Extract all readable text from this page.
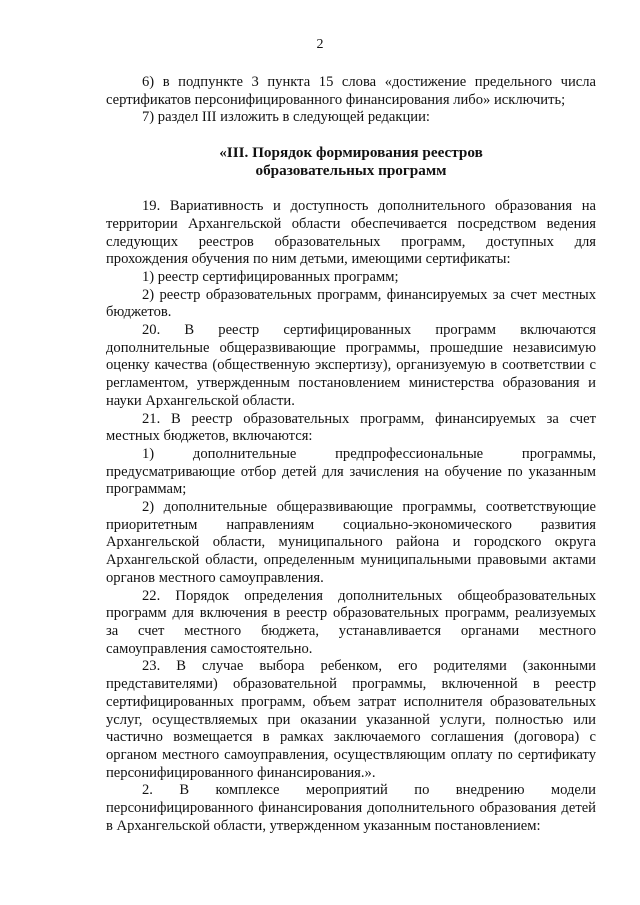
2

6) в подпункте 3 пункта 15 слова «достижение предельного числа сертификатов персонифицированного финансирования либо» исключить;

7) раздел III изложить в следующей редакции:

«III. Порядок формирования реестров
образовательных программ

19. Вариативность и доступность дополнительного образования на территории Архангельской области обеспечивается посредством ведения следующих реестров образовательных программ, доступных для прохождения обучения по ним детьми, имеющими сертификаты:

1) реестр сертифицированных программ;

2) реестр образовательных программ, финансируемых за счет местных бюджетов.

20. В реестр сертифицированных программ включаются дополнительные общеразвивающие программы, прошедшие независимую оценку качества (общественную экспертизу), организуемую в соответствии с регламентом, утвержденным постановлением министерства образования и науки Архангельской области.

21. В реестр образовательных программ, финансируемых за счет местных бюджетов, включаются:

1) дополнительные предпрофессиональные программы, предусматривающие отбор детей для зачисления на обучение по указанным программам;

2) дополнительные общеразвивающие программы, соответствующие приоритетным направлениям социально-экономического развития Архангельской области, муниципального района и городского округа Архангельской области, определенным муниципальными правовыми актами органов местного самоуправления.

22. Порядок определения дополнительных общеобразовательных программ для включения в реестр образовательных программ, реализуемых за счет местного бюджета, устанавливается органами местного самоуправления самостоятельно.

23. В случае выбора ребенком, его родителями (законными представителями) образовательной программы, включенной в реестр сертифицированных программ, объем затрат исполнителя образовательных услуг, осуществляемых при оказании указанной услуги, полностью или частично возмещается в рамках заключаемого соглашения (договора) с органом местного самоуправления, осуществляющим оплату по сертификату персонифицированного финансирования.».

2. В комплексе мероприятий по внедрению модели персонифицированного финансирования дополнительного образования детей в Архангельской области, утвержденном указанным постановлением:
